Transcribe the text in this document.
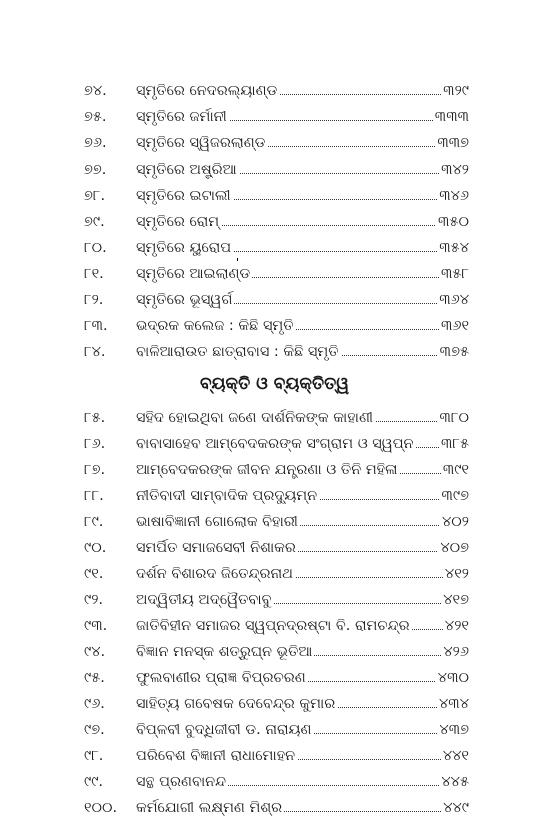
୭୪. ସ୍ମୃତିରେ ନେଦରଲ୍ୟାଣ୍ଡ	୩୨୯
୭୫. ସ୍ମୃତିରେ ଜର୍ମାନୀ	୩୩୩
୭୬. ସ୍ମୃତିରେ ସ୍ୱିଜରଲାଣ୍ଡ	୩୩୭
୭୭. ସ୍ମୃତିରେ ଅଷ୍ଟ୍ରିଆ	୩୪୨
୭୮. ସ୍ମୃତିରେ ଇଟାଲୀ	୩୪୬
୭୯. ସ୍ମୃତିରେ ରୋମ୍	୩୫୦
୮୦. ସ୍ମୃତିରେ ୟୁରୋପ	୩୫୪
୮୧. ସ୍ମୃତିରେ ଆଇଲାଣ୍ଡ	୩୫୮
୮୨. ସ୍ମୃତିରେ ଭୂସ୍ୱର୍ଗ	୩୬୪
୮୩. ଭଦ୍ରକ କଲେଜ : କିଛି ସ୍ମୃତି	୩୬୧
୮୪. ବାଳିଆରାଉତ ଛାତ୍ରାବାସ : କିଛି ସ୍ମୃତି	୩୭୫
ବ୍ୟକ୍ତି ଓ ବ୍ୟକ୍ତିତ୍ୱ
୮୫. ସହିଦ ହୋଇଥିବା ଜଣେ ଦାର୍ଶନିକଙ୍କ କାହାଣୀ	୩୮୦
୮୬. ବାବାସାହେବ ଆମ୍ବେଦକରଙ୍କ ସଂଗ୍ରାମ ଓ ସ୍ୱପ୍ନ ୩୮୫
୮୭. ଆମ୍ବେଦକରଙ୍କ ଜୀବନ ଯନ୍ତ୍ରଣା ଓ ତିନି ମହିଳା	୩୯୧
୮୮. ନୀତିବାଦୀ ସାମ୍ବାଦିକ ପ୍ରଦ୍ୟୁମ୍ନ	୩୯୭
୮୯. ଭାଷାବିଜ୍ଞାନୀ ଗୋଲୋକ ବିହାରୀ	୪୦୨
୯୦. ସମର୍ପିତ ସମାଜସେବୀ ନିଶାକର	୪୦୭
୯୧. ଦର୍ଶନ ବିଶାରଦ ଜିତେନ୍ଦ୍ରନାଥ	୪୧୨
୯୨. ଅଦ୍ୱିତୀୟ ଅଦ୍ୱୈତବାବୁ	୪୧୭
୯୩. ଜାତିବିହୀନ ସମାଜର ସ୍ୱପ୍ନଦ୍ରଷ୍ଟା ବି. ରାମଚନ୍ଦ୍ର ୪୨୧
୯୪. ବିଜ୍ଞାନ ମନସ୍କ ଶତ୍ରୁଘ୍ନ ଭୂତିଆ	୪୨୬
୯୫. ଫୁଲବାଣୀର ପ୍ରାଜ୍ଞ ବିପ୍ରଚରଣ	୪୩୦
୯୬. ସାହିତ୍ୟ ଗବେଷକ ଦେବେନ୍ଦ୍ର କୁମାର	୪୩୪
୯୭. ବିପ୍ଳବୀ ବୁଦ୍ଧିଜୀବୀ ଡ. ନାରାୟଣ	୪୩୭
୯୮. ପରିବେଶ ବିଜ୍ଞାନୀ ରାଧାମୋହନ	୪୪୧
୯୯. ସନ୍ଥ ପ୍ରଣବାନନ୍ଦ	୪୪୫
୧୦୦. କର୍ମଯୋଗୀ ଲକ୍ଷ୍ମଣ ମିଶ୍ର	୪୪୯
